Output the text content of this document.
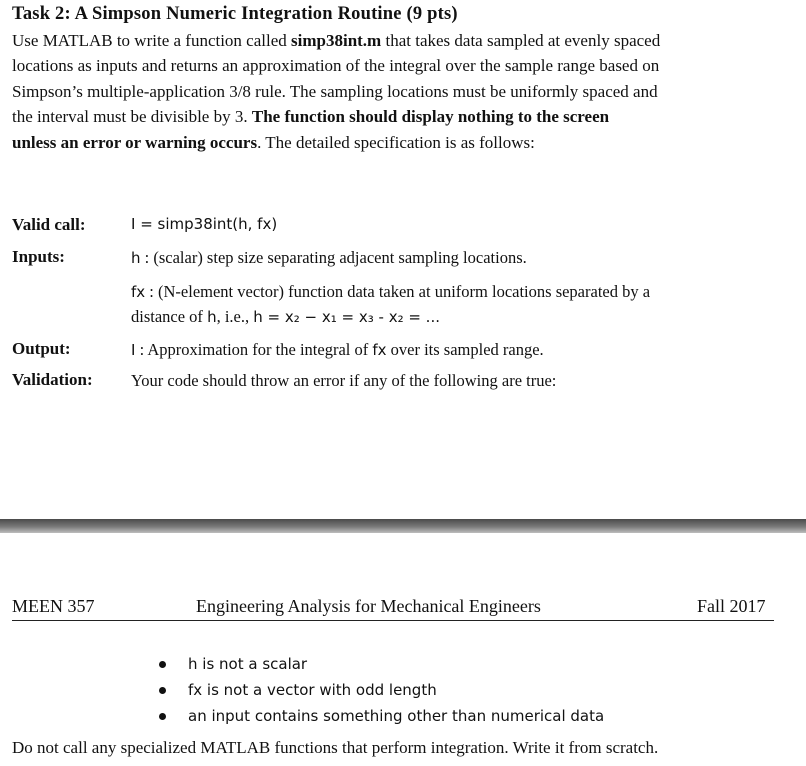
Task 2: A Simpson Numeric Integration Routine (9 pts)
Use MATLAB to write a function called simp38int.m that takes data sampled at evenly spaced
locations as inputs and returns an approximation of the integral over the sample range based on
Simpson’s multiple-application 3/8 rule. The sampling locations must be uniformly spaced and
the interval must be divisible by 3. The function should display nothing to the screen
unless an error or warning occurs. The detailed specification is as follows:
Valid call:	I = simp38int(h, fx)
Inputs:	h : (scalar) step size separating adjacent sampling locations.
fx : (N-element vector) function data taken at uniform locations separated by a
distance of h, i.e., h = x₂ − x₁ = x₃ - x₂ = ...
Output:	I : Approximation for the integral of fx over its sampled range.
Validation: Your code should throw an error if any of the following are true:
MEEN 357	Engineering Analysis for Mechanical Engineers	Fall 2017
h is not a scalar
fx is not a vector with odd length
an input contains something other than numerical data
Do not call any specialized MATLAB functions that perform integration. Write it from scratch.
